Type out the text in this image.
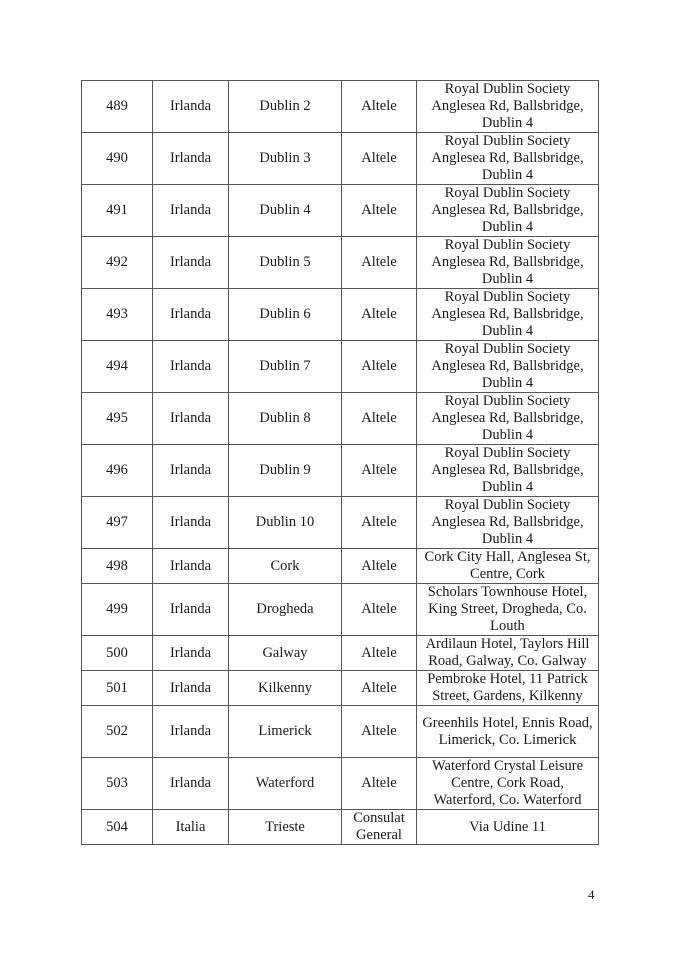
489	Irlanda	Dublin 2	Altele	Royal Dublin Society Anglesea Rd, Ballsbridge, Dublin 4
490	Irlanda	Dublin 3	Altele	Royal Dublin Society Anglesea Rd, Ballsbridge, Dublin 4
491	Irlanda	Dublin 4	Altele	Royal Dublin Society Anglesea Rd, Ballsbridge, Dublin 4
492	Irlanda	Dublin 5	Altele	Royal Dublin Society Anglesea Rd, Ballsbridge, Dublin 4
493	Irlanda	Dublin 6	Altele	Royal Dublin Society Anglesea Rd, Ballsbridge, Dublin 4
494	Irlanda	Dublin 7	Altele	Royal Dublin Society Anglesea Rd, Ballsbridge, Dublin 4
495	Irlanda	Dublin 8	Altele	Royal Dublin Society Anglesea Rd, Ballsbridge, Dublin 4
496	Irlanda	Dublin 9	Altele	Royal Dublin Society Anglesea Rd, Ballsbridge, Dublin 4
497	Irlanda	Dublin 10	Altele	Royal Dublin Society Anglesea Rd, Ballsbridge, Dublin 4
498	Irlanda	Cork	Altele	Cork City Hall, Anglesea St, Centre, Cork
499	Irlanda	Drogheda	Altele	Scholars Townhouse Hotel, King Street, Drogheda, Co. Louth
500	Irlanda	Galway	Altele	Ardilaun Hotel, Taylors Hill Road, Galway, Co. Galway
501	Irlanda	Kilkenny	Altele	Pembroke Hotel, 11 Patrick Street, Gardens, Kilkenny
502	Irlanda	Limerick	Altele	Greenhils Hotel, Ennis Road, Limerick, Co. Limerick
503	Irlanda	Waterford	Altele	Waterford Crystal Leisure Centre, Cork Road, Waterford, Co. Waterford
504	Italia	Trieste	Consulat General	Via Udine 11
4
